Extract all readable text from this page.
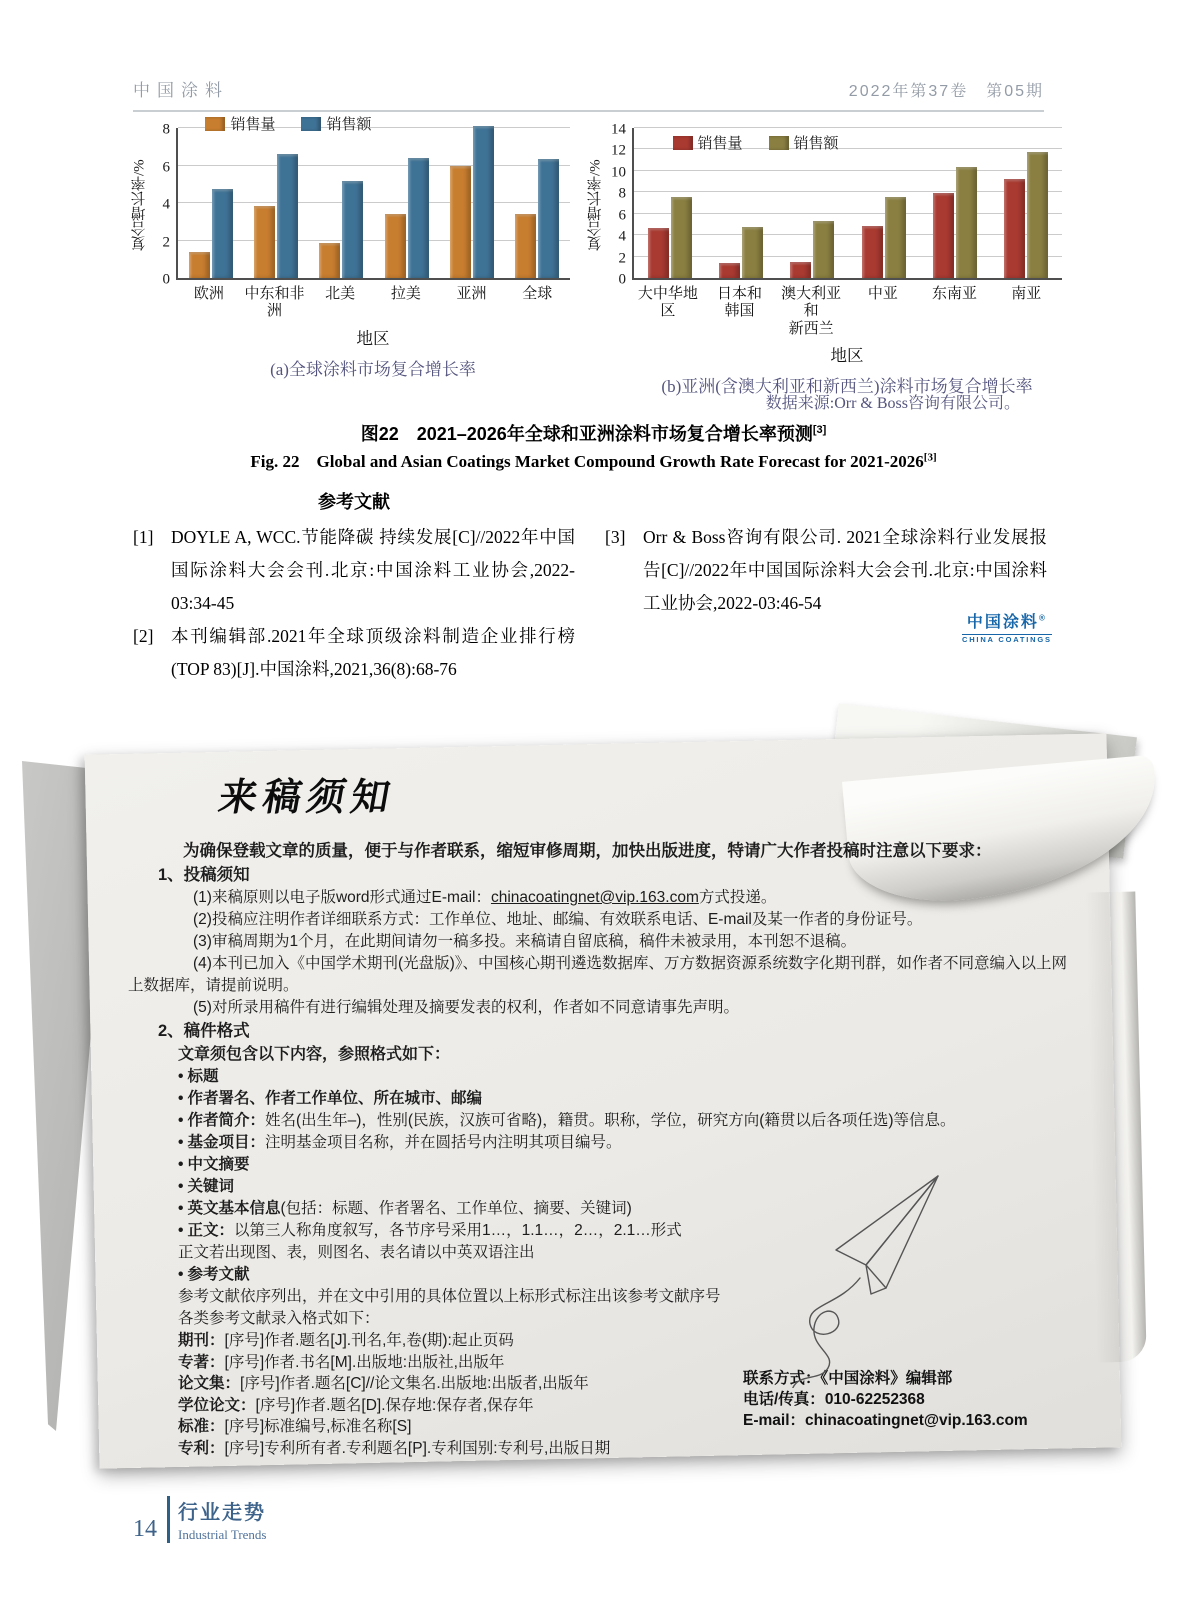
中国涂料	2022年第37卷　第05期
复合增长率/%
0
2
4
6
8	销售量	销售额
欧洲	中东和非洲
北美	拉美	亚洲	全球
地区
(a)全球涂料市场复合增长率
复合增长率/%
0
2
4
6
8
10
12
14
销售量	销售额
大中华地区
日本和
韩国
澳大利亚和
新西兰
中亚	东南亚	南亚
地区
(b)亚洲(含澳大利亚和新西兰)涂料市场复合增长率
数据来源:Orr & Boss咨询有限公司。
图22　2021–2026年全球和亚洲涂料市场复合增长率预测[3]
Fig. 22　Global and Asian Coatings Market Compound Growth Rate Forecast for 2021-2026[3]
参考文献
[1] DOYLE A, WCC.节能降碳 持续发展[C]//2022年中国国际涂料大会会刊.北京:中国涂料工业协会,2022-03:34-45
[2] 本刊编辑部.2021年全球顶级涂料制造企业排行榜(TOP 83)[J].中国涂料,2021,36(8):68-76
[3] Orr & Boss咨询有限公司. 2021全球涂料行业发展报告[C]//2022年中国国际涂料大会会刊.北京:中国涂料工业协会,2022-03:46-54
中国涂料®
CHINA COATINGS
来稿须知

为确保登载文章的质量，便于与作者联系，缩短审修周期，加快出版进度，特请广大作者投稿时注意以下要求：

1、投稿须知

(1)来稿原则以电子版word形式通过E-mail：chinacoatingnet@vip.163.com方式投递。

(2)投稿应注明作者详细联系方式：工作单位、地址、邮编、有效联系电话、E-mail及某一作者的身份证号。

(3)审稿周期为1个月，在此期间请勿一稿多投。来稿请自留底稿，稿件未被录用，本刊恕不退稿。

(4)本刊已加入《中国学术期刊(光盘版)》、中国核心期刊遴选数据库、万方数据资源系统数字化期刊群，如作者不同意编入以上网上数据库，请提前说明。

(5)对所录用稿件有进行编辑处理及摘要发表的权利，作者如不同意请事先声明。

2、稿件格式

文章须包含以下内容，参照格式如下：

• 标题

• 作者署名、作者工作单位、所在城市、邮编

• 作者简介：姓名(出生年–)，性别(民族，汉族可省略)，籍贯。职称，学位，研究方向(籍贯以后各项任选)等信息。

• 基金项目：注明基金项目名称，并在圆括号内注明其项目编号。

• 中文摘要

• 关键词

• 英文基本信息(包括：标题、作者署名、工作单位、摘要、关键词)

• 正文：以第三人称角度叙写，各节序号采用1…，1.1…，2…，2.1…形式

正文若出现图、表，则图名、表名请以中英双语注出

• 参考文献

参考文献依序列出，并在文中引用的具体位置以上标形式标注出该参考文献序号

各类参考文献录入格式如下：

期刊：[序号]作者.题名[J].刊名,年,卷(期):起止页码

专著：[序号]作者.书名[M].出版地:出版社,出版年

论文集：[序号]作者.题名[C]//论文集名.出版地:出版者,出版年

学位论文：[序号]作者.题名[D].保存地:保存者,保存年

标准：[序号]标准编号,标准名称[S]

专利：[序号]专利所有者.专利题名[P].专利国别:专利号,出版日期

联系方式：《中国涂料》编辑部
电话/传真：010-62252368
E-mail：chinacoatingnet@vip.163.com
14
行业走势
Industrial Trends
